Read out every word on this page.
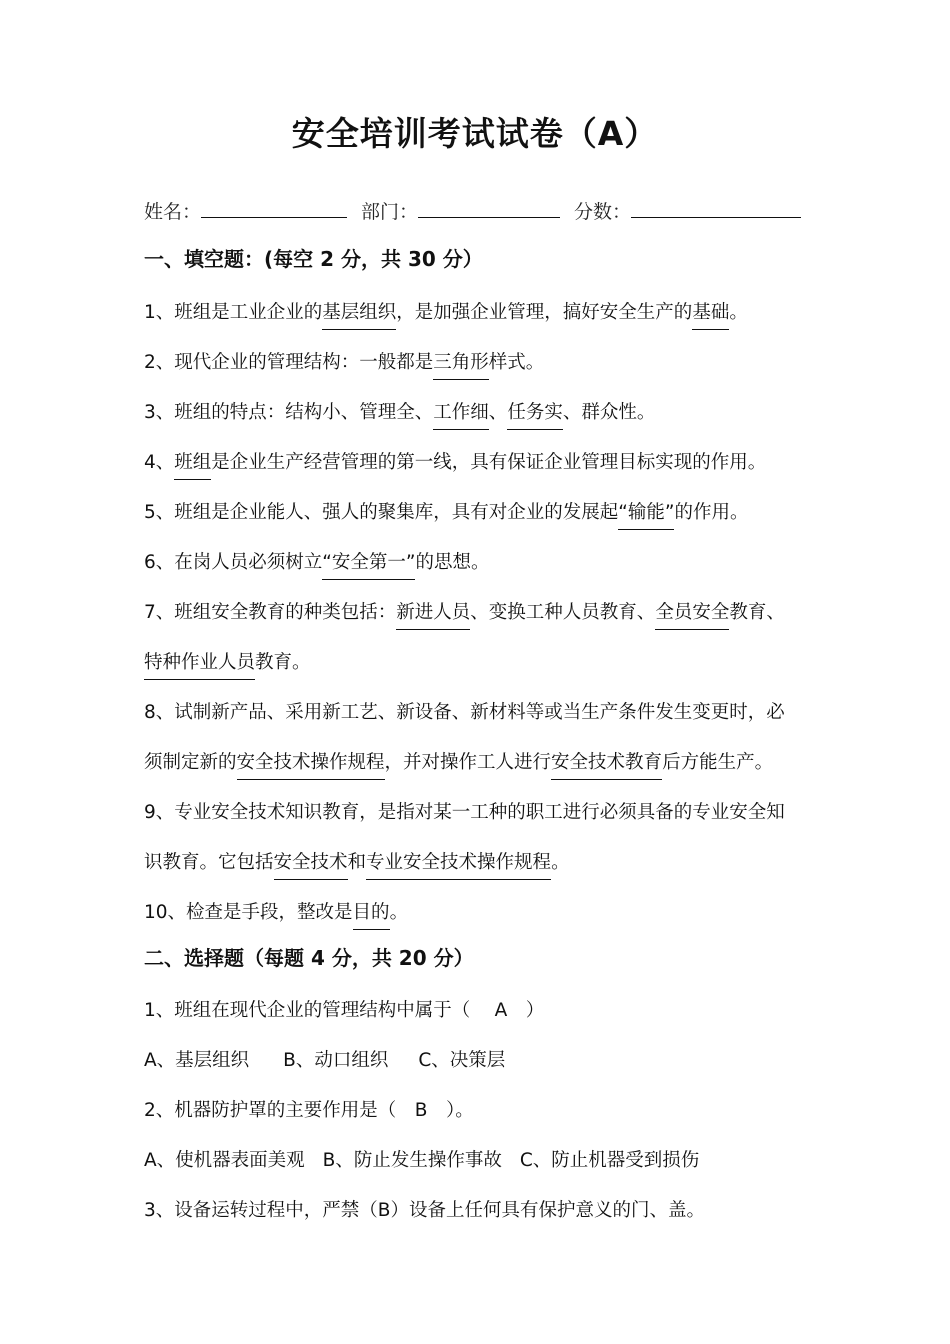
安全培训考试试卷（A）
姓名：	部门：	分数：
一、填空题：(每空 2 分，共 30 分）
1、班组是工业企业的基层组织，是加强企业管理，搞好安全生产的基础。
2、现代企业的管理结构：一般都是三角形样式。
3、班组的特点：结构小、管理全、工作细、任务实、群众性。
4、班组是企业生产经营管理的第一线，具有保证企业管理目标实现的作用。
5、班组是企业能人、强人的聚集库，具有对企业的发展起“输能”的作用。
6、在岗人员必须树立“安全第一”的思想。
7、班组安全教育的种类包括：新进人员、变换工种人员教育、全员安全教育、
特种作业人员教育。
8、试制新产品、采用新工艺、新设备、新材料等或当生产条件发生变更时，必
须制定新的安全技术操作规程，并对操作工人进行安全技术教育后方能生产。
9、专业安全技术知识教育，是指对某一工种的职工进行必须具备的专业安全知
识教育。它包括安全技术和专业安全技术操作规程。
10、检查是手段，整改是目的。
二、选择题（每题 4 分，共 20 分）
1、班组在现代企业的管理结构中属于（　 A　）
A、基层组织 B、动口组织 C、决策层
2、机器防护罩的主要作用是（　B　）。
A、使机器表面美观 B、防止发生操作事故 C、防止机器受到损伤
3、设备运转过程中，严禁（B）设备上任何具有保护意义的门、盖。
